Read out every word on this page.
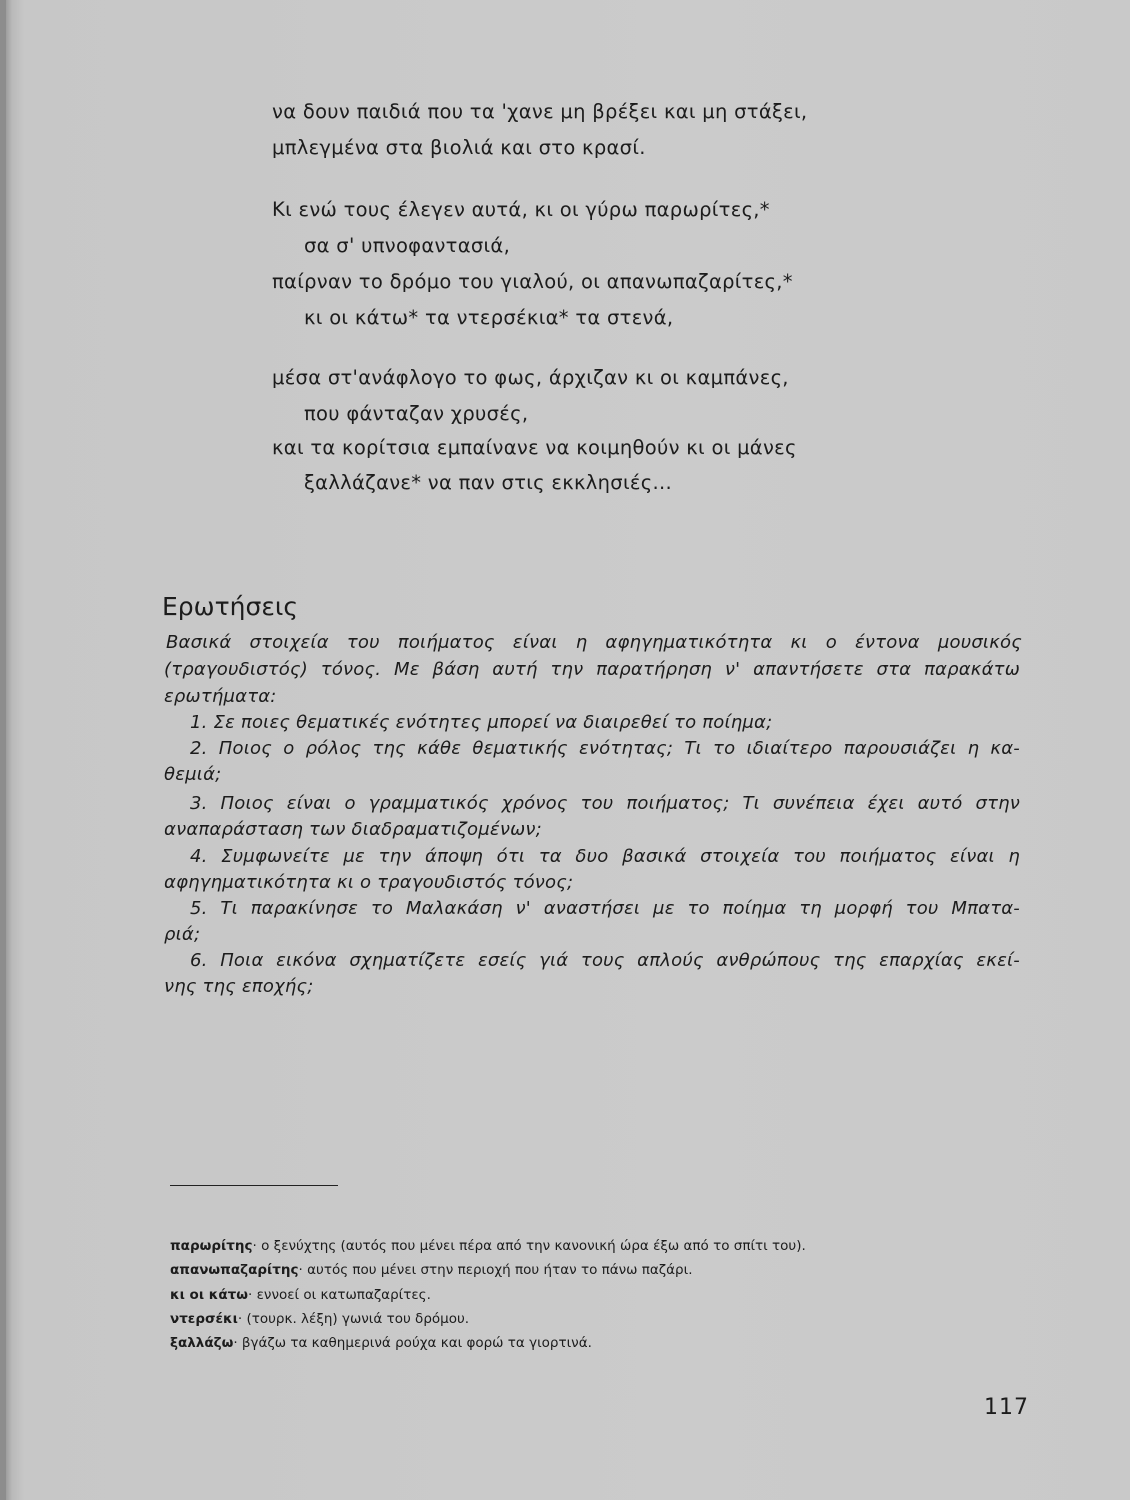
να δουν παιδιά που τα 'χανε μη βρέξει και μη στάξει,
μπλεγμένα στα βιολιά και στο κρασί.
Κι ενώ τους έλεγεν αυτά, κι οι γύρω παρωρίτες,*
σα σ' υπνοφαντασιά,
παίρναν το δρόμο του γιαλού, οι απανωπαζαρίτες,*
κι οι κάτω* τα ντερσέκια* τα στενά,
μέσα στ'ανάφλογο το φως, άρχιζαν κι οι καμπάνες,
που φάνταζαν χρυσές,
και τα κορίτσια εμπαίνανε να κοιμηθούν κι οι μάνες
ξαλλάζανε* να παν στις εκκλησιές...
Ερωτήσεις
Βασικά στοιχεία του ποιήματος είναι η αφηγηματικότητα κι ο έντονα μουσικός
(τραγουδιστός) τόνος. Με βάση αυτή την παρατήρηση ν' απαντήσετε στα παρακάτω
ερωτήματα:
1. Σε ποιες θεματικές ενότητες μπορεί να διαιρεθεί το ποίημα;
2. Ποιος ο ρόλος της κάθε θεματικής ενότητας; Τι το ιδιαίτερο παρουσιάζει η κα-
θεμιά;
3. Ποιος είναι ο γραμματικός χρόνος του ποιήματος; Τι συνέπεια έχει αυτό στην
αναπαράσταση των διαδραματιζομένων;
4. Συμφωνείτε με την άποψη ότι τα δυο βασικά στοιχεία του ποιήματος είναι η
αφηγηματικότητα κι ο τραγουδιστός τόνος;
5. Τι παρακίνησε το Μαλακάση ν' αναστήσει με το ποίημα τη μορφή του Μπατα-
ριά;
6. Ποια εικόνα σχηματίζετε εσείς γιά τους απλούς ανθρώπους της επαρχίας εκεί-
νης της εποχής;
παρωρίτης· ο ξενύχτης (αυτός που μένει πέρα από την κανονική ώρα έξω από το σπίτι του).
απανωπαζαρίτης· αυτός που μένει στην περιοχή που ήταν το πάνω παζάρι.
κι οι κάτω· εννοεί οι κατωπαζαρίτες.
ντερσέκι· (τουρκ. λέξη) γωνιά του δρόμου.
ξαλλάζω· βγάζω τα καθημερινά ρούχα και φορώ τα γιορτινά.
117
